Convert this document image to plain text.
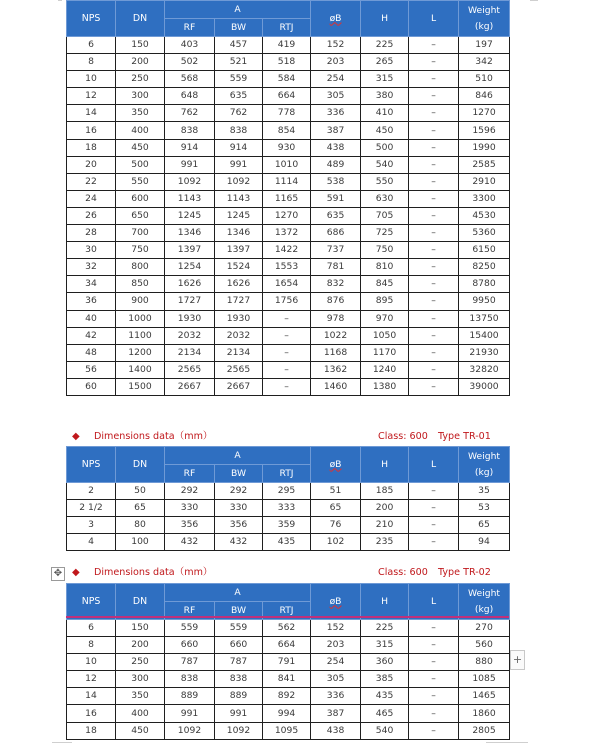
NPS	DN	A			øB	H	L	Weight
(kg)

		RF	BW	RTJ				
6	150	403	457	419	152	225	–	197
8	200	502	521	518	203	265	–	342
10	250	568	559	584	254	315	–	510
12	300	648	635	664	305	380	–	846
14	350	762	762	778	336	410	–	1270
16	400	838	838	854	387	450	–	1596
18	450	914	914	930	438	500	–	1990
20	500	991	991	1010	489	540	–	2585
22	550	1092	1092	1114	538	550	–	2910
24	600	1143	1143	1165	591	630	–	3300
26	650	1245	1245	1270	635	705	–	4530
28	700	1346	1346	1372	686	725	–	5360
30	750	1397	1397	1422	737	750	–	6150
32	800	1254	1524	1553	781	810	–	8250
34	850	1626	1626	1654	832	845	–	8780
36	900	1727	1727	1756	876	895	–	9950
40	1000	1930	1930	–	978	970	–	13750
42	1100	2032	2032	–	1022	1050	–	15400
48	1200	2134	2134	–	1168	1170	–	21930
56	1400	2565	2565	–	1362	1240	–	32820
60	1500	2667	2667	–	1460	1380	–	39000
◆ Dimensions data（mm）	Class: 600 Type TR-01
NPS	DN	A			øB	H	L	Weight
(kg)

		RF	BW	RTJ				
2	50	292	292	295	51	185	–	35
2 1/2	65	330	330	333	65	200	–	53
3	80	356	356	359	76	210	–	65
4	100	432	432	435	102	235	–	94
✥ ◆ Dimensions data（mm）	Class: 600 Type TR-02
NPS	DN	A			øB	H	L	Weight
(kg)

		RF	BW	RTJ				
6	150	559	559	562	152	225	–	270
8	200	660	660	664	203	315	–	560
10	250	787	787	791	254	360	–	880
12	300	838	838	841	305	385	–	1085
14	350	889	889	892	336	435	–	1465
16	400	991	991	994	387	465	–	1860
18	450	1092	1092	1095	438	540	–	2805
+
